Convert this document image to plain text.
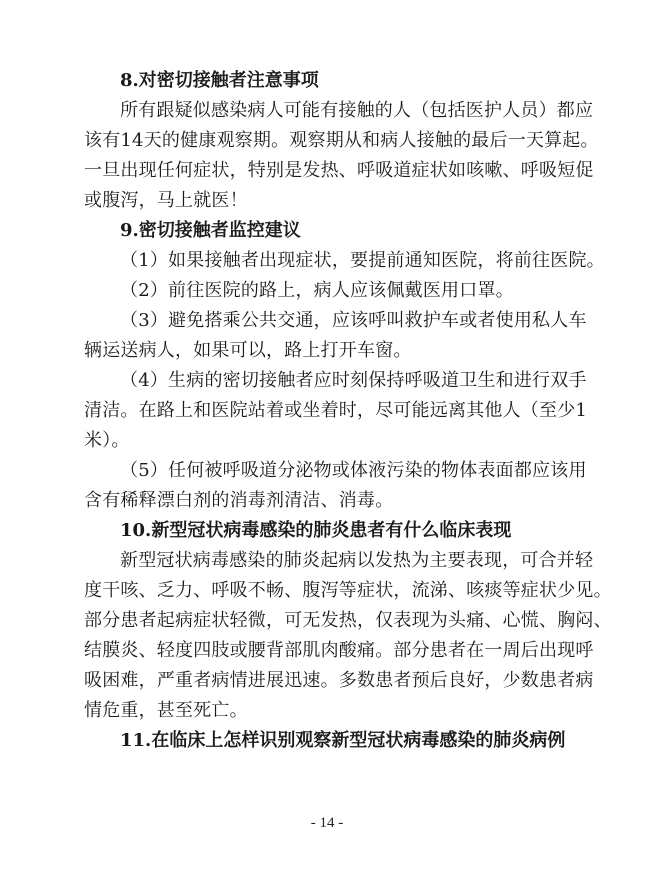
8.对密切接触者注意事项
所有跟疑似感染病人可能有接触的人（包括医护人员）都应
该有14天的健康观察期。观察期从和病人接触的最后一天算起。
一旦出现任何症状，特别是发热、呼吸道症状如咳嗽、呼吸短促
或腹泻，马上就医！
9.密切接触者监控建议
（1）如果接触者出现症状，要提前通知医院，将前往医院。
（2）前往医院的路上，病人应该佩戴医用口罩。
（3）避免搭乘公共交通，应该呼叫救护车或者使用私人车
辆运送病人，如果可以，路上打开车窗。
（4）生病的密切接触者应时刻保持呼吸道卫生和进行双手
清洁。在路上和医院站着或坐着时，尽可能远离其他人（至少1
米）。
（5）任何被呼吸道分泌物或体液污染的物体表面都应该用
含有稀释漂白剂的消毒剂清洁、消毒。
10.新型冠状病毒感染的肺炎患者有什么临床表现
新型冠状病毒感染的肺炎起病以发热为主要表现，可合并轻
度干咳、乏力、呼吸不畅、腹泻等症状，流涕、咳痰等症状少见。
部分患者起病症状轻微，可无发热，仅表现为头痛、心慌、胸闷、
结膜炎、轻度四肢或腰背部肌肉酸痛。部分患者在一周后出现呼
吸困难，严重者病情进展迅速。多数患者预后良好，少数患者病
情危重，甚至死亡。
11.在临床上怎样识别观察新型冠状病毒感染的肺炎病例
- 14 -
